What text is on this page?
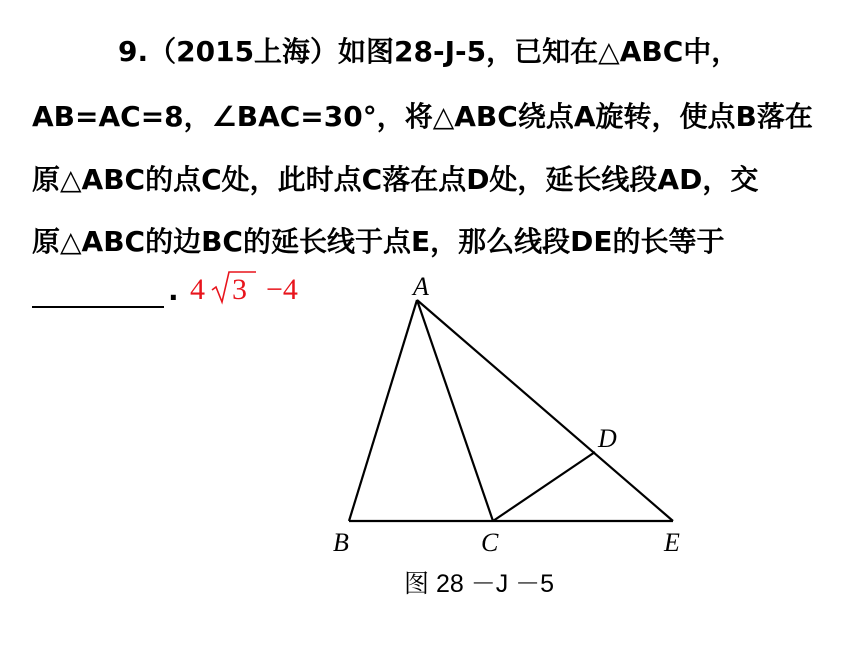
9.（2015上海）如图28-J-5，已知在△ABC中，
AB=AC=8，∠BAC=30°，将△ABC绕点A旋转，使点B落在
原△ABC的点C处，此时点C落在点D处，延长线段AD，交
原△ABC的边BC的延长线于点E，那么线段DE的长等于
. 4 3 −4	A
B	C
D
E
图 28 －J －5
